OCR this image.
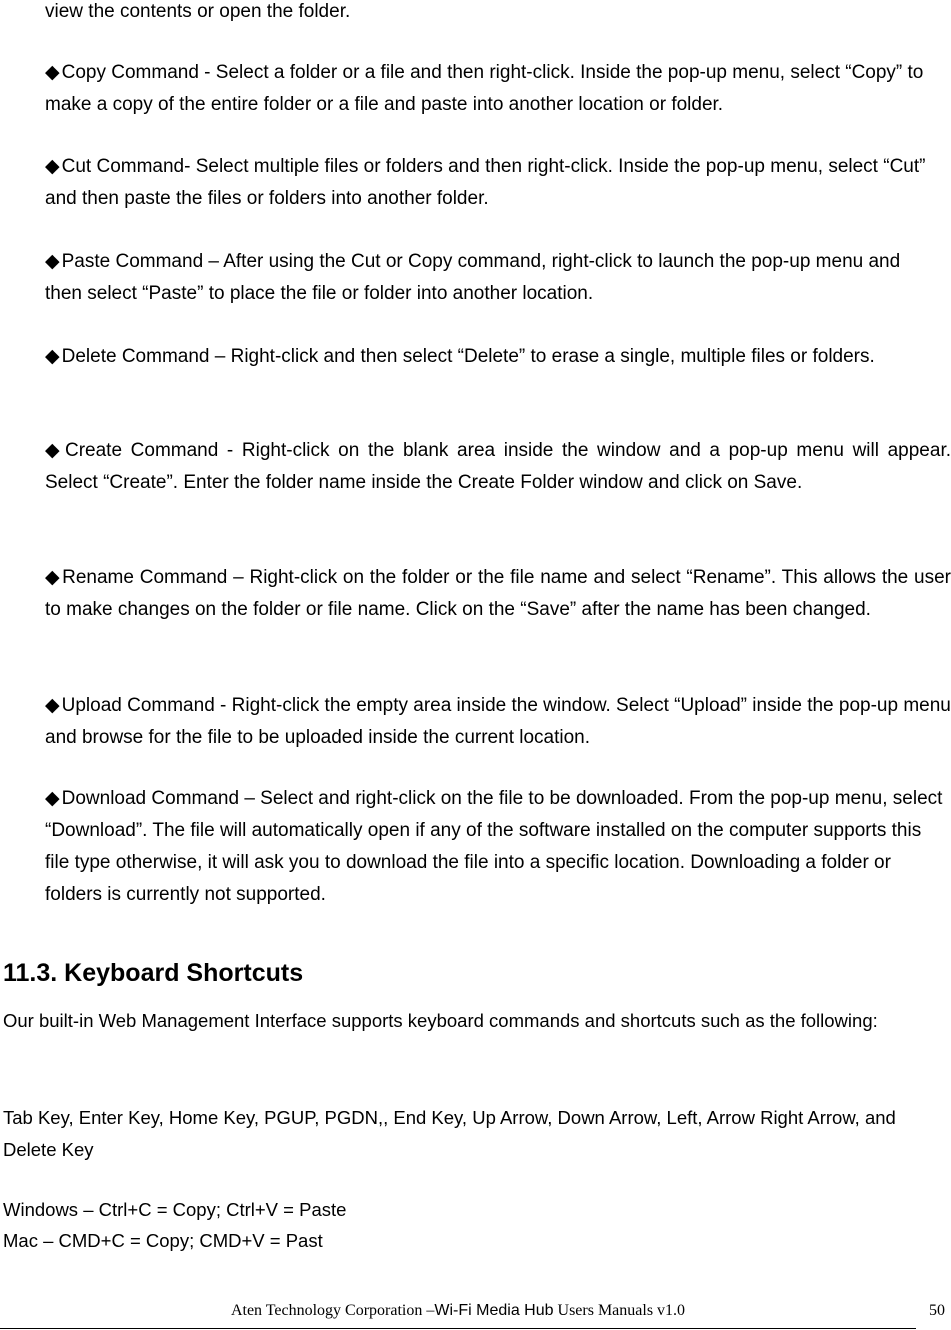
view the contents or open the folder.

◆ Copy Command - Select a folder or a file and then right-click. Inside the pop-up menu, select “Copy” to make a copy of the entire folder or a file and paste into another location or folder.

◆ Cut Command- Select multiple files or folders and then right-click. Inside the pop-up menu, select “Cut” and then paste the files or folders into another folder.

◆ Paste Command – After using the Cut or Copy command, right-click to launch the pop-up menu and then select “Paste” to place the file or folder into another location.

◆ Delete Command – Right-click and then select “Delete” to erase a single, multiple files or folders.

◆ Create Command - Right-click on the blank area inside the window and a pop-up menu will appear. Select “Create”. Enter the folder name inside the Create Folder window and click on Save.

◆ Rename Command – Right-click on the folder or the file name and select “Rename”. This allows the user to make changes on the folder or file name. Click on the “Save” after the name has been changed.

◆ Upload Command - Right-click the empty area inside the window. Select “Upload” inside the pop-up menu and browse for the file to be uploaded inside the current location.

◆ Download Command – Select and right-click on the file to be downloaded. From the pop-up menu, select “Download”. The file will automatically open if any of the software installed on the computer supports this file type otherwise, it will ask you to download the file into a specific location. Downloading a folder or folders is currently not supported.

11.3. Keyboard Shortcuts

Our built-in Web Management Interface supports keyboard commands and shortcuts such as the following:

Tab Key, Enter Key, Home Key, PGUP, PGDN,, End Key, Up Arrow, Down Arrow, Left, Arrow Right Arrow, and Delete Key

Windows – Ctrl+C = Copy; Ctrl+V = Paste

Mac – CMD+C = Copy; CMD+V = Past

Aten Technology Corporation –Wi-Fi Media Hub Users Manuals v1.0	50
